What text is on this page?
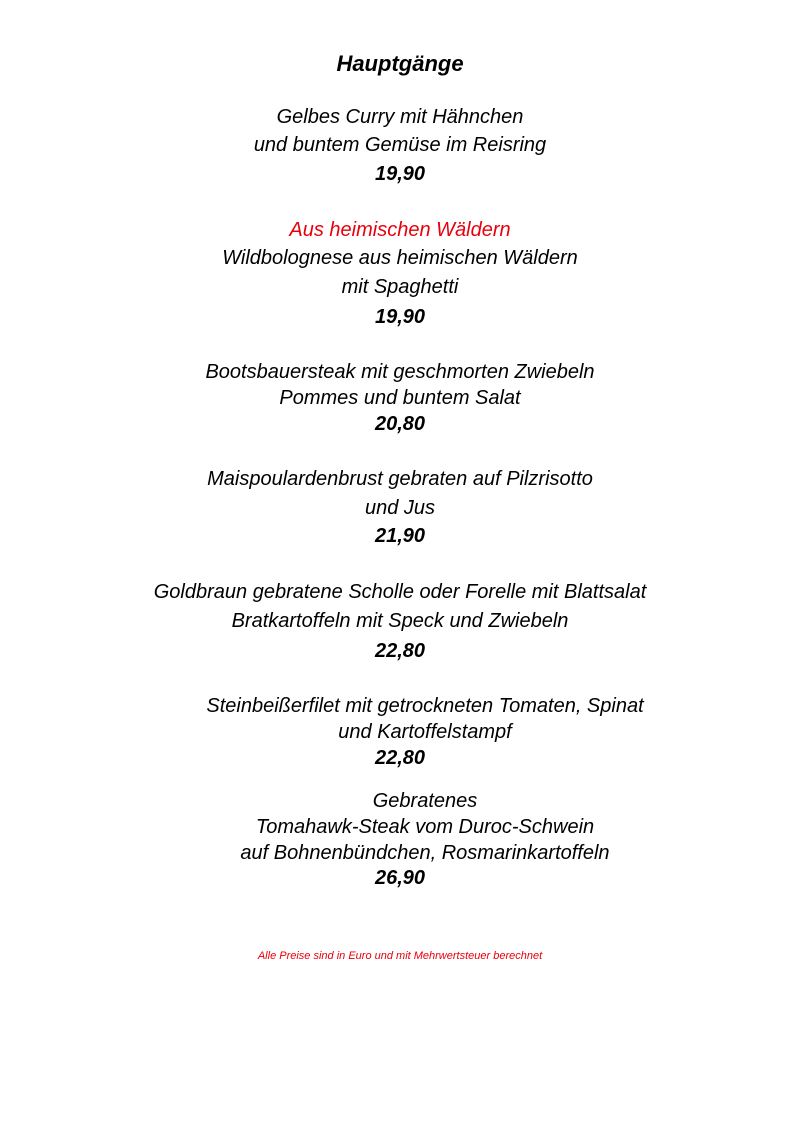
Hauptgänge
Gelbes Curry mit Hähnchen
und buntem Gemüse im Reisring
19,90
Aus heimischen Wäldern
Wildbolognese aus heimischen Wäldern
mit Spaghetti
19,90
Bootsbauersteak mit geschmorten Zwiebeln
Pommes und buntem Salat
20,80
Maispoulardenbrust gebraten auf Pilzrisotto
und Jus
21,90
Goldbraun gebratene Scholle oder Forelle mit Blattsalat
Bratkartoffeln mit Speck und Zwiebeln
22,80
Steinbeißerfilet mit getrockneten Tomaten, Spinat
und Kartoffelstampf
22,80
Gebratenes
Tomahawk-Steak vom Duroc-Schwein
auf Bohnenbündchen, Rosmarinkartoffeln
26,90
Alle Preise sind in Euro und mit Mehrwertsteuer berechnet
